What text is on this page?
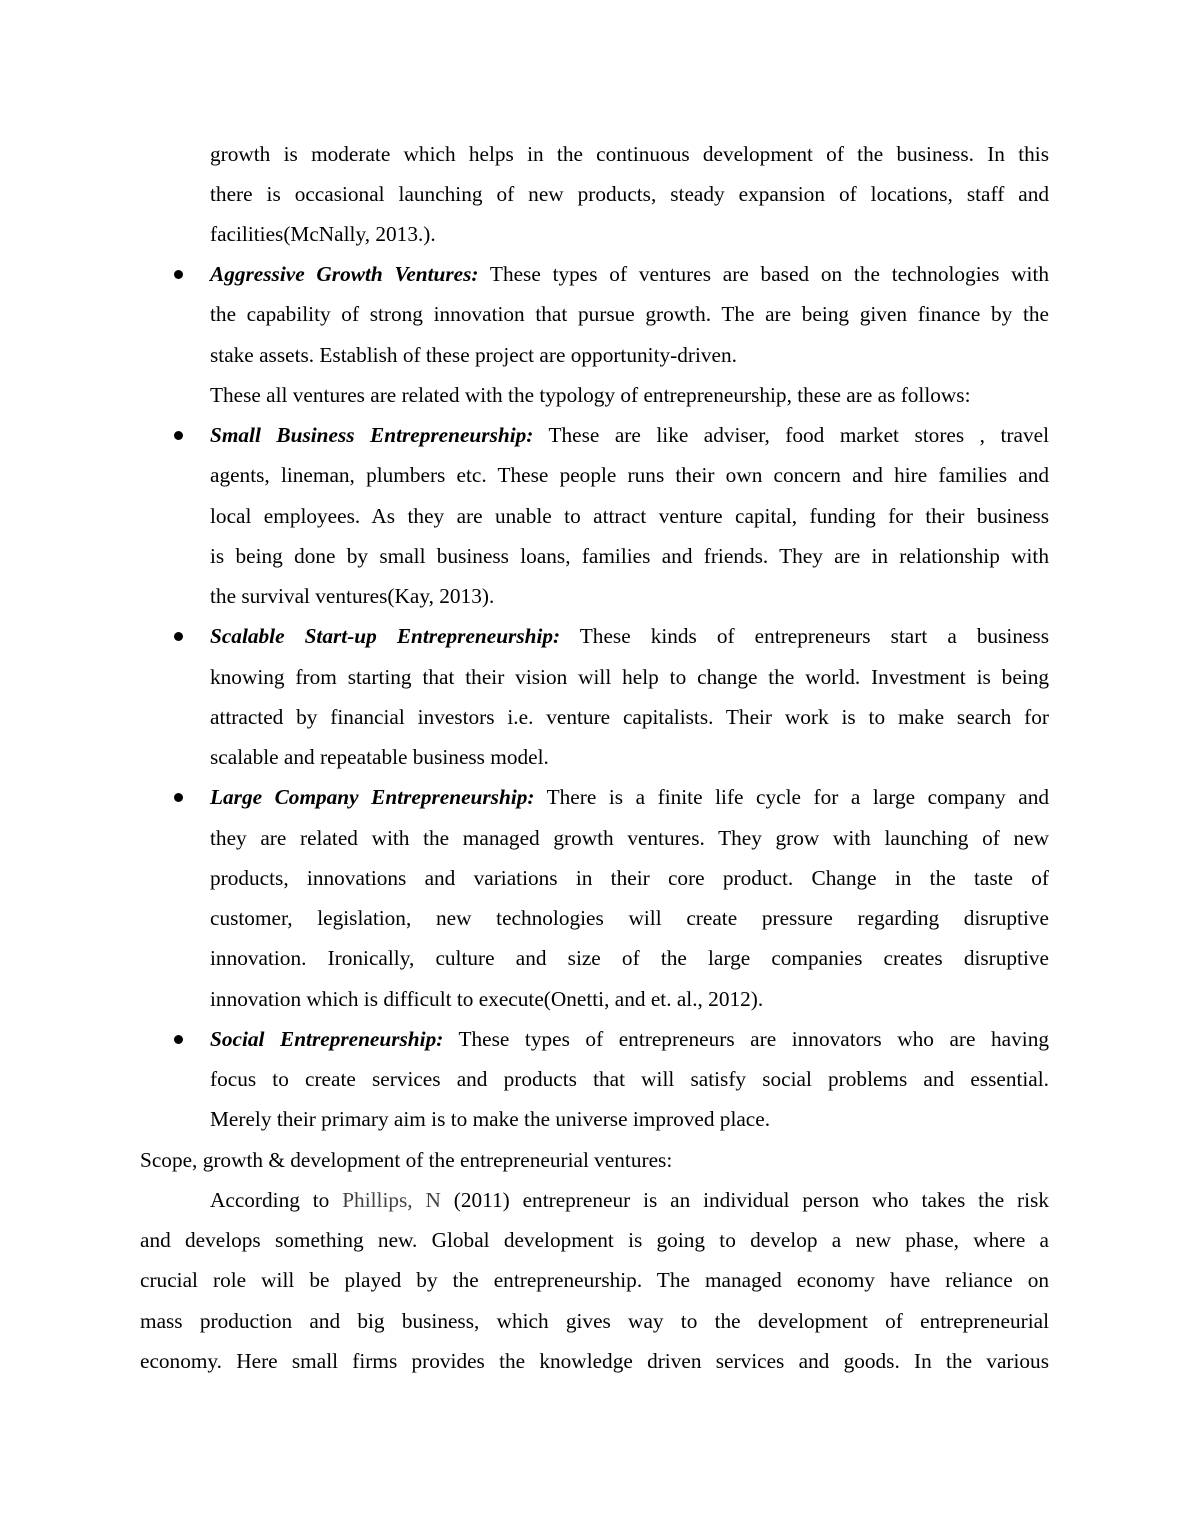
growth is moderate which helps in the continuous development of the business. In this
there is occasional launching of new products, steady expansion of locations, staff and
facilities(McNally, 2013.).
Aggressive Growth Ventures: These types of ventures are based on the technologies with
the capability of strong innovation that pursue growth. The are being given finance by the
stake assets. Establish of these project are opportunity-driven.
These all ventures are related with the typology of entrepreneurship, these are as follows:
Small Business Entrepreneurship: These are like adviser, food market stores , travel
agents, lineman, plumbers etc. These people runs their own concern and hire families and
local employees. As they are unable to attract venture capital, funding for their business
is being done by small business loans, families and friends. They are in relationship with
the survival ventures(Kay, 2013).
Scalable Start-up Entrepreneurship: These kinds of entrepreneurs start a business
knowing from starting that their vision will help to change the world. Investment is being
attracted by financial investors i.e. venture capitalists. Their work is to make search for
scalable and repeatable business model.
Large Company Entrepreneurship: There is a finite life cycle for a large company and
they are related with the managed growth ventures. They grow with launching of new
products, innovations and variations in their core product. Change in the taste of
customer, legislation, new technologies will create pressure regarding disruptive
innovation. Ironically, culture and size of the large companies creates disruptive
innovation which is difficult to execute(Onetti, and et. al., 2012).
Social Entrepreneurship: These types of entrepreneurs are innovators who are having
focus to create services and products that will satisfy social problems and essential.
Merely their primary aim is to make the universe improved place.
Scope, growth & development of the entrepreneurial ventures:
According to Phillips, N (2011) entrepreneur is an individual person who takes the risk
and develops something new. Global development is going to develop a new phase, where a
crucial role will be played by the entrepreneurship. The managed economy have reliance on
mass production and big business, which gives way to the development of entrepreneurial
economy. Here small firms provides the knowledge driven services and goods. In the various
